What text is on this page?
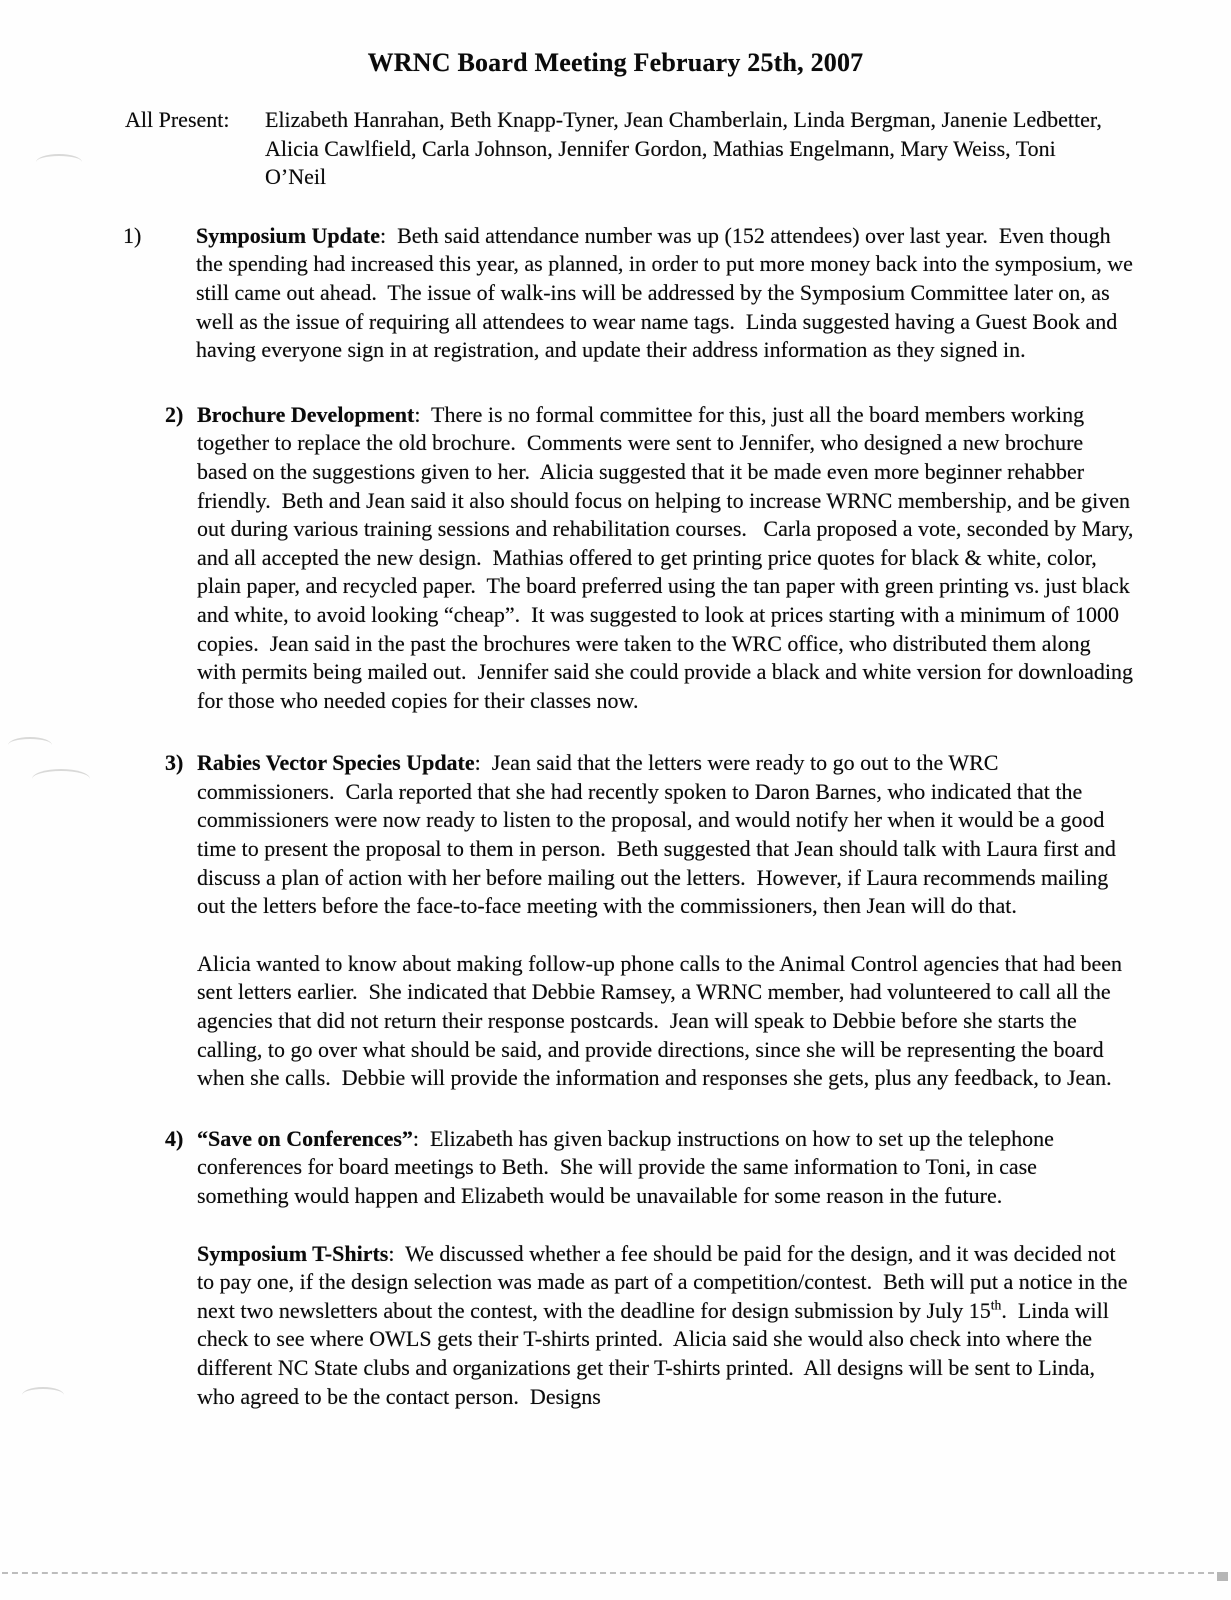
WRNC Board Meeting February 25th, 2007
All Present:	Elizabeth Hanrahan, Beth Knapp-Tyner, Jean Chamberlain, Linda Bergman, Janenie Ledbetter, Alicia Cawlfield, Carla Johnson, Jennifer Gordon, Mathias Engelmann, Mary Weiss, Toni O’Neil
1)	Symposium Update:  Beth said attendance number was up (152 attendees) over last year.  Even though the spending had increased this year, as planned, in order to put more money back into the symposium, we still came out ahead.  The issue of walk-ins will be addressed by the Symposium Committee later on, as well as the issue of requiring all attendees to wear name tags.  Linda suggested having a Guest Book and having everyone sign in at registration, and update their address information as they signed in.

2) Brochure Development:  There is no formal committee for this, just all the board members working together to replace the old brochure.  Comments were sent to Jennifer, who designed a new brochure based on the suggestions given to her.  Alicia suggested that it be made even more beginner rehabber friendly.  Beth and Jean said it also should focus on helping to increase WRNC membership, and be given out during various training sessions and rehabilitation courses.   Carla proposed a vote, seconded by Mary, and all accepted the new design.  Mathias offered to get printing price quotes for black & white, color, plain paper, and recycled paper.  The board preferred using the tan paper with green printing vs. just black and white, to avoid looking “cheap”.  It was suggested to look at prices starting with a minimum of 1000 copies.  Jean said in the past the brochures were taken to the WRC office, who distributed them along with permits being mailed out.  Jennifer said she could provide a black and white version for downloading for those who needed copies for their classes now.

3) Rabies Vector Species Update:  Jean said that the letters were ready to go out to the WRC commissioners.  Carla reported that she had recently spoken to Daron Barnes, who indicated that the commissioners were now ready to listen to the proposal, and would notify her when it would be a good time to present the proposal to them in person.  Beth suggested that Jean should talk with Laura first and discuss a plan of action with her before mailing out the letters.  However, if Laura recommends mailing out the letters before the face-to-face meeting with the commissioners, then Jean will do that.

Alicia wanted to know about making follow-up phone calls to the Animal Control agencies that had been sent letters earlier.  She indicated that Debbie Ramsey, a WRNC member, had volunteered to call all the agencies that did not return their response postcards.  Jean will speak to Debbie before she starts the calling, to go over what should be said, and provide directions, since she will be representing the board when she calls.  Debbie will provide the information and responses she gets, plus any feedback, to Jean.

4) “Save on Conferences”:  Elizabeth has given backup instructions on how to set up the telephone conferences for board meetings to Beth.  She will provide the same information to Toni, in case something would happen and Elizabeth would be unavailable for some reason in the future.

Symposium T-Shirts:  We discussed whether a fee should be paid for the design, and it was decided not to pay one, if the design selection was made as part of a competition/contest.  Beth will put a notice in the next two newsletters about the contest, with the deadline for design submission by July 15th.  Linda will check to see where OWLS gets their T-shirts printed.  Alicia said she would also check into where the different NC State clubs and organizations get their T-shirts printed.  All designs will be sent to Linda, who agreed to be the contact person.  Designs
